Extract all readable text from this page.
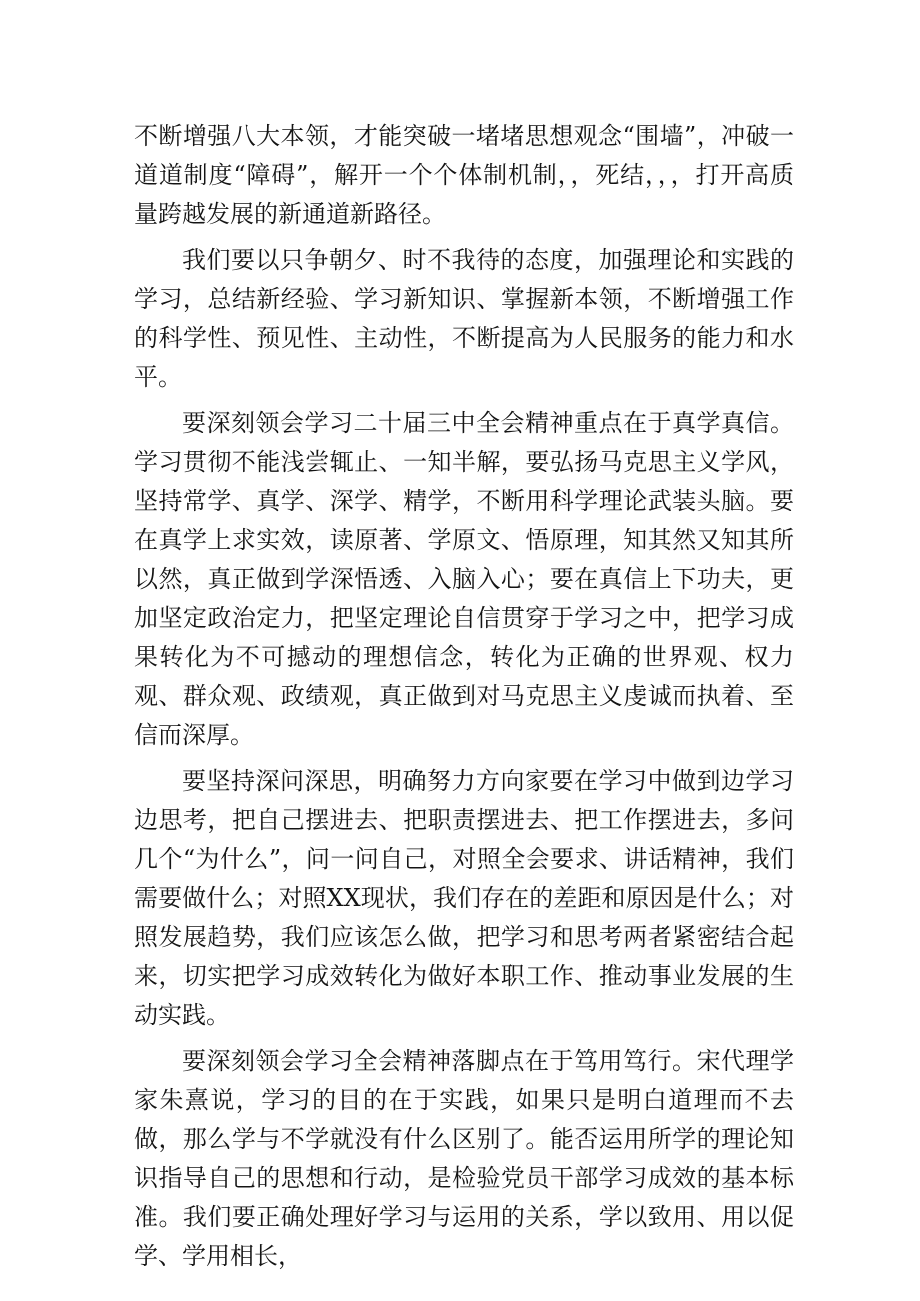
不断增强八大本领，才能突破一堵堵思想观念“围墙”，冲破一道道制度“障碍”，解开一个个体制机制，，死结，，，打开高质量跨越发展的新通道新路径。

我们要以只争朝夕、时不我待的态度，加强理论和实践的学习，总结新经验、学习新知识、掌握新本领，不断增强工作的科学性、预见性、主动性，不断提高为人民服务的能力和水平。

要深刻领会学习二十届三中全会精神重点在于真学真信。学习贯彻不能浅尝辄止、一知半解，要弘扬马克思主义学风，坚持常学、真学、深学、精学，不断用科学理论武装头脑。要在真学上求实效，读原著、学原文、悟原理，知其然又知其所以然，真正做到学深悟透、入脑入心；要在真信上下功夫，更加坚定政治定力，把坚定理论自信贯穿于学习之中，把学习成果转化为不可撼动的理想信念，转化为正确的世界观、权力观、群众观、政绩观，真正做到对马克思主义虔诚而执着、至信而深厚。

要坚持深问深思，明确努力方向家要在学习中做到边学习边思考，把自己摆进去、把职责摆进去、把工作摆进去，多问几个“为什么”，问一问自己，对照全会要求、讲话精神，我们需要做什么；对照XX现状，我们存在的差距和原因是什么；对照发展趋势，我们应该怎么做，把学习和思考两者紧密结合起来，切实把学习成效转化为做好本职工作、推动事业发展的生动实践。

要深刻领会学习全会精神落脚点在于笃用笃行。宋代理学家朱熹说，学习的目的在于实践，如果只是明白道理而不去做，那么学与不学就没有什么区别了。能否运用所学的理论知识指导自己的思想和行动，是检验党员干部学习成效的基本标准。我们要正确处理好学习与运用的关系，学以致用、用以促学、学用相长，
